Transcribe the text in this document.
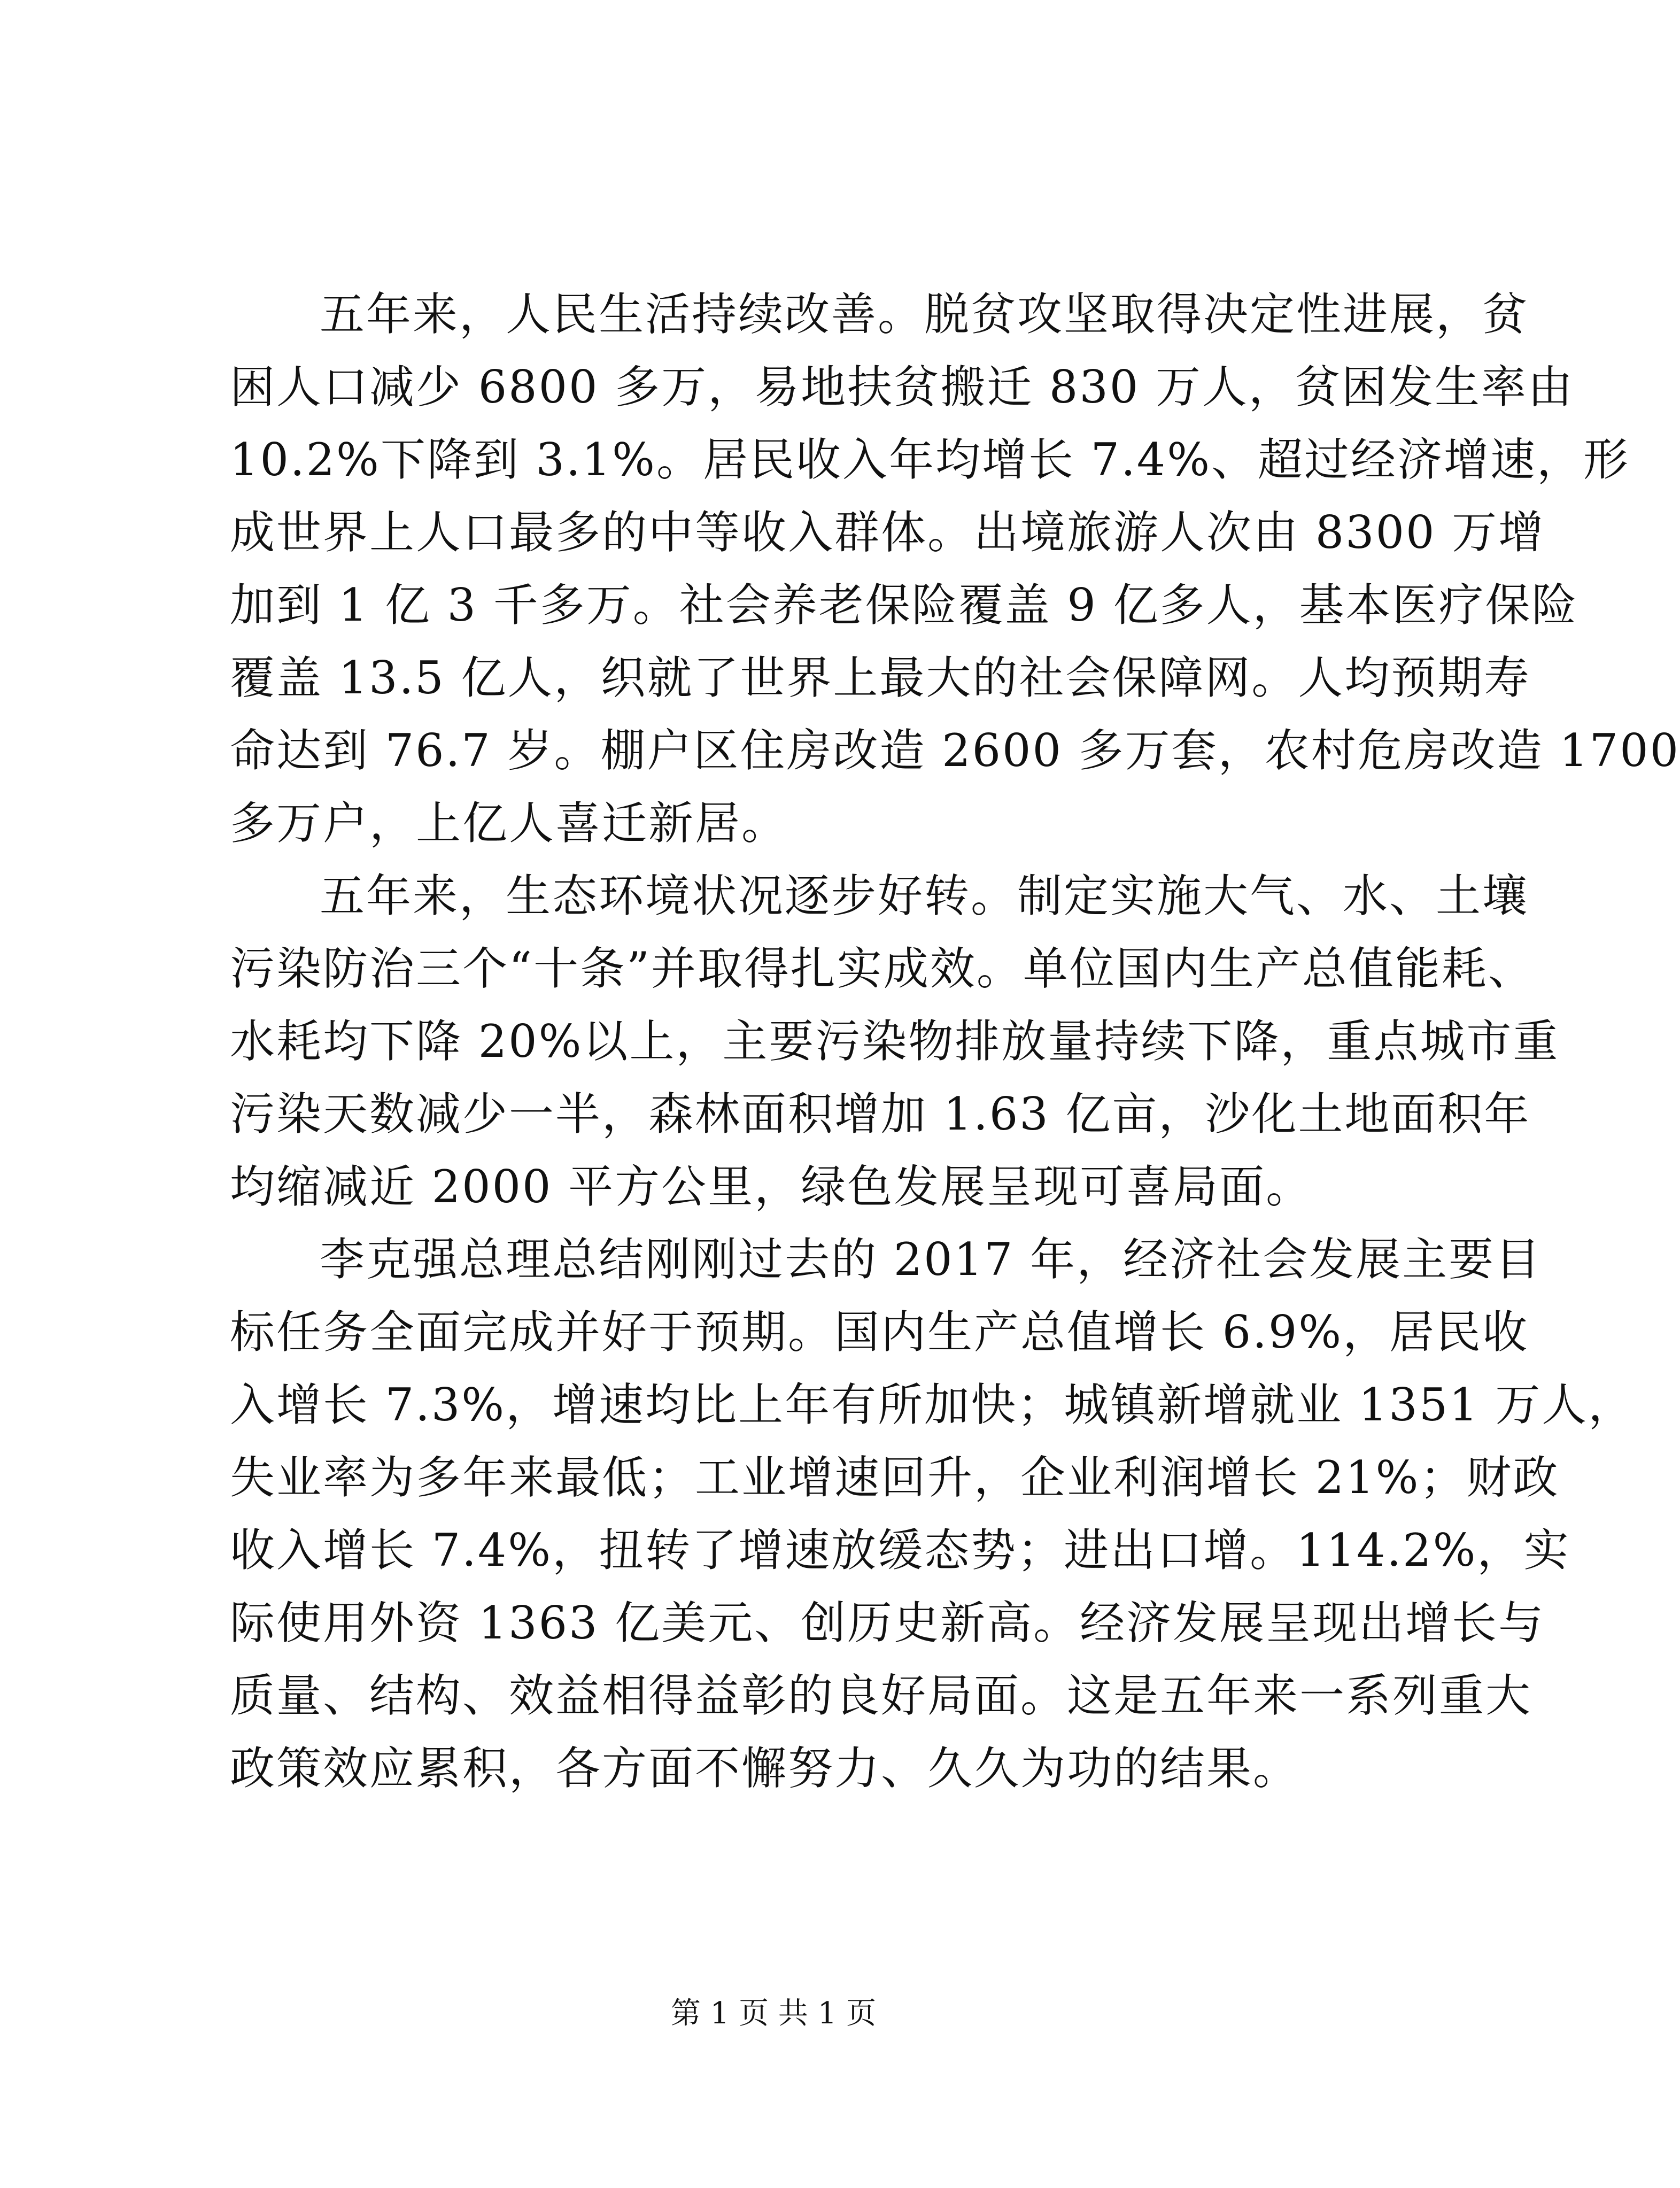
五年来，人民生活持续改善。脱贫攻坚取得决定性进展，贫
困人口减少 6800 多万，易地扶贫搬迁 830 万人，贫困发生率由
10.2%下降到 3.1%。居民收入年均增长 7.4%、超过经济增速，形
成世界上人口最多的中等收入群体。出境旅游人次由 8300 万增
加到 1 亿 3 千多万。社会养老保险覆盖 9 亿多人，基本医疗保险
覆盖 13.5 亿人，织就了世界上最大的社会保障网。人均预期寿
命达到 76.7 岁。棚户区住房改造 2600 多万套，农村危房改造 1700
多万户，上亿人喜迁新居。
五年来，生态环境状况逐步好转。制定实施大气、水、土壤
污染防治三个“十条”并取得扎实成效。单位国内生产总值能耗、
水耗均下降 20%以上，主要污染物排放量持续下降，重点城市重
污染天数减少一半，森林面积增加 1.63 亿亩，沙化土地面积年
均缩减近 2000 平方公里，绿色发展呈现可喜局面。
李克强总理总结刚刚过去的 2017 年，经济社会发展主要目
标任务全面完成并好于预期。国内生产总值增长 6.9%，居民收
入增长 7.3%，增速均比上年有所加快；城镇新增就业 1351 万人，
失业率为多年来最低；工业增速回升，企业利润增长 21%；财政
收入增长 7.4%，扭转了增速放缓态势；进出口增。114.2%，实
际使用外资 1363 亿美元、创历史新高。经济发展呈现出增长与
质量、结构、效益相得益彰的良好局面。这是五年来一系列重大
政策效应累积，各方面不懈努力、久久为功的结果。
第 1 页 共 1 页
